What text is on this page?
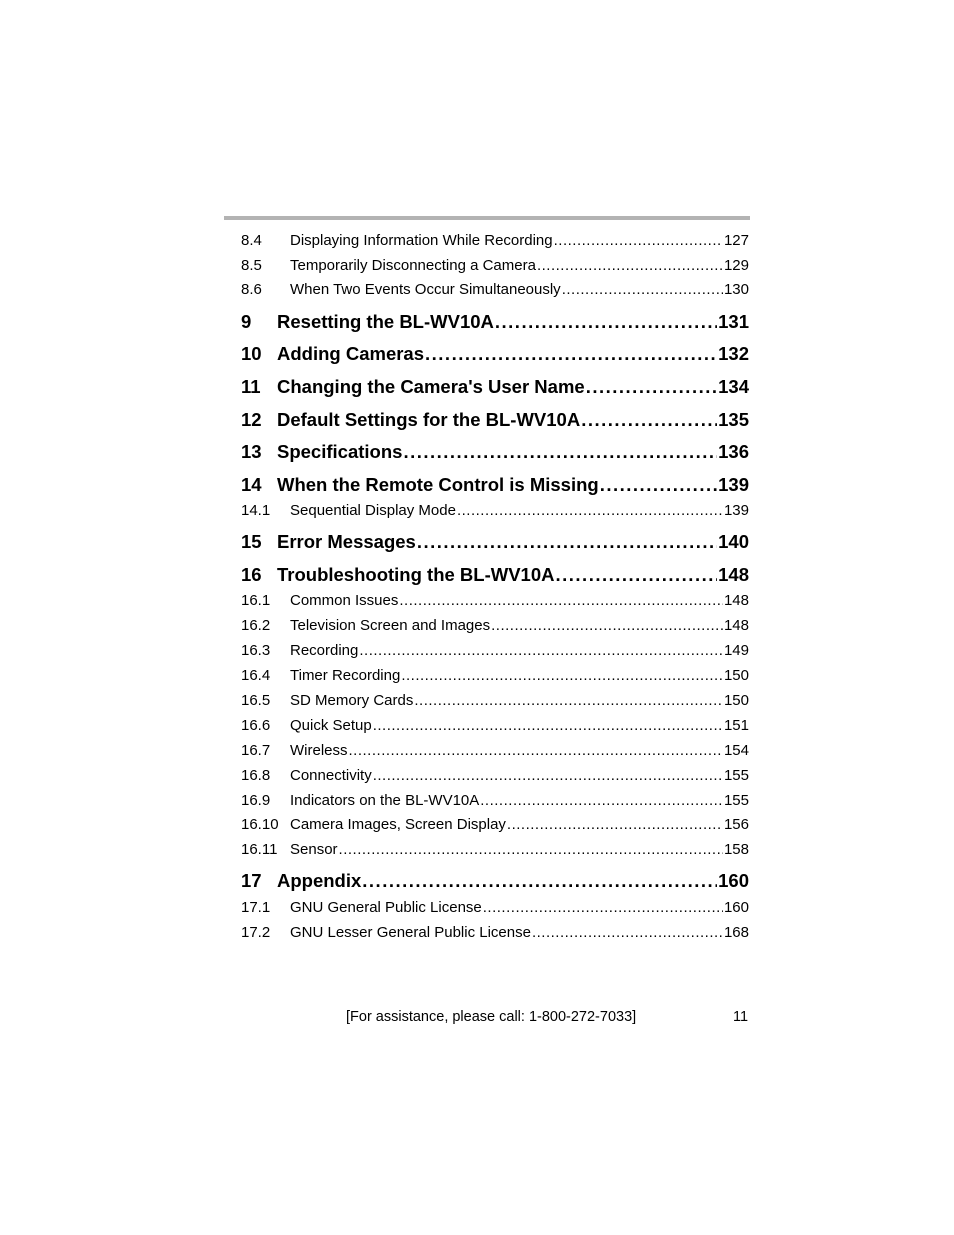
8.4	Displaying Information While Recording .....	127
8.5	Temporarily Disconnecting a Camera .....	129
8.6	When Two Events Occur Simultaneously .....	130
9	Resetting the BL-WV10A .....	131
10 Adding Cameras .....	132
11 Changing the Camera's User Name .....	134
12 Default Settings for the BL-WV10A .....	135
13 Specifications .....	136
14 When the Remote Control is Missing .....	139
14.1	Sequential Display Mode .....	139
15 Error Messages .....	140
16 Troubleshooting the BL-WV10A .....	148
16.1	Common Issues .....	148
16.2	Television Screen and Images .....	148
16.3	Recording .....	149
16.4	Timer Recording .....	150
16.5	SD Memory Cards .....	150
16.6	Quick Setup .....	151
16.7	Wireless .....	154
16.8	Connectivity .....	155
16.9	Indicators on the BL-WV10A .....	155
16.10 Camera Images, Screen Display .....	156
16.11 Sensor .....	158
17 Appendix .....	160
17.1	GNU General Public License .....	160
17.2	GNU Lesser General Public License .....	168
[For assistance, please call: 1-800-272-7033]	11
